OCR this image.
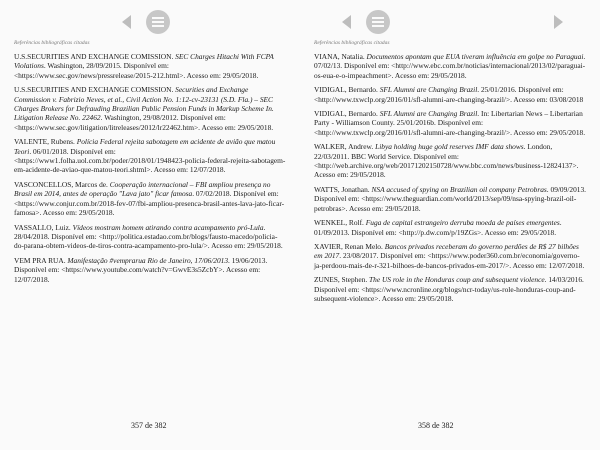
Referências bibliográficas citadas

U.S.SECURITIES AND EXCHANGE COMISSION. SEC Charges Hitachi With FCPA Violations. Washington, 28/09/2015. Disponível em: <https://www.sec.gov/news/pressrelease/2015-212.html>. Acesso em: 29/05/2018.

U.S.SECURITIES AND EXCHANGE COMISSION. Securities and Exchange Commission v. Fabrizio Neves, et al., Civil Action No. 1:12-cv-23131 (S.D. Fla.) – SEC Charges Brokers for Defrauding Brazilian Public Pension Funds in Markup Scheme In. Litigation Release No. 22462. Washington, 29/08/2012. Disponível em: <https://www.sec.gov/litigation/litreleases/2012/lr22462.htm>. Acesso em: 29/05/2018.

VALENTE, Rubens. Polícia Federal rejeita sabotagem em acidente de avião que matou Teori. 06/01/2018. Disponível em: <https://www1.folha.uol.com.br/poder/2018/01/1948423-policia-federal-rejeita-sabotagem-em-acidente-de-aviao-que-matou-teori.shtml>. Acesso em: 12/07/2018.

VASCONCELLOS, Marcos de. Cooperação internacional – FBI ampliou presença no Brasil em 2014, antes de operação "Lava jato" ficar famosa. 07/02/2018. Disponível em: <https://www.conjur.com.br/2018-fev-07/fbi-ampliou-presenca-brasil-antes-lava-jato-ficar-famosa>. Acesso em: 29/05/2018.

VASSALLO, Luiz. Vídeos mostram homem atirando contra acampamento pró-Lula. 28/04/2018. Disponível em: <http://politica.estadao.com.br/blogs/fausto-macedo/policia-do-parana-obtem-videos-de-tiros-contra-acampamento-pro-lula/>. Acesso em: 29/05/2018.

VEM PRA RUA. Manifestação #vemprarua Rio de Janeiro, 17/06/2013. 19/06/2013. Disponível em: <https://www.youtube.com/watch?v=GwvE3s5ZcbY>. Acesso em: 12/07/2018.

357 de 382
Referências bibliográficas citadas

VIANA, Natalia. Documentos apontam que EUA tiveram influência em golpe no Paraguai. 07/02/13. Disponível em: <http://www.ebc.com.br/noticias/internacional/2013/02/paraguai-os-eua-e-o-impeachment>. Acesso em: 29/05/2018.

VIDIGAL, Bernardo. SFL Alumni are Changing Brazil. 25/01/2016. Disponível em: <http://www.txwclp.org/2016/01/sfl-alumni-are-changing-brazil/>. Acesso em: 03/08/2018

VIDIGAL, Bernardo. SFL Alumni are Changing Brazil. In: Libertarian News – Libertarian Party - Williamson County. 25/01/2016b. Disponível em: <http://www.txwclp.org/2016/01/sfl-alumni-are-changing-brazil/>. Acesso em: 29/05/2018.

WALKER, Andrew. Libya holding huge gold reserves IMF data shows. London, 22/03/2011. BBC World Service. Disponível em: <http://web.archive.org/web/20171202150728/www.bbc.com/news/business-12824137>. Acesso em: 29/05/2018.

WATTS, Jonathan. NSA accused of spying on Brazilian oil company Petrobras. 09/09/2013. Disponível em: <https://www.theguardian.com/world/2013/sep/09/nsa-spying-brazil-oil-petrobras>. Acesso em: 29/05/2018.

WENKEL, Rolf. Fuga de capital estrangeiro derruba moeda de países emergentes. 01/09/2013. Disponível em: <http://p.dw.com/p/19ZGs>. Acesso em: 29/05/2018.

XAVIER, Renan Melo. Bancos privados receberam do governo perdões de R$ 27 bilhões em 2017. 23/08/2017. Disponível em: <https://www.poder360.com.br/economia/governo-ja-perdoou-mais-de-r-321-bilhoes-de-bancos-privados-em-2017/>. Acesso em: 12/07/2018.

ZUNES, Stephen. The US role in the Honduras coup and subsequent violence. 14/03/2016. Disponível em: <https://www.ncronline.org/blogs/ncr-today/us-role-honduras-coup-and-subsequent-violence>. Acesso em: 29/05/2018.

358 de 382
